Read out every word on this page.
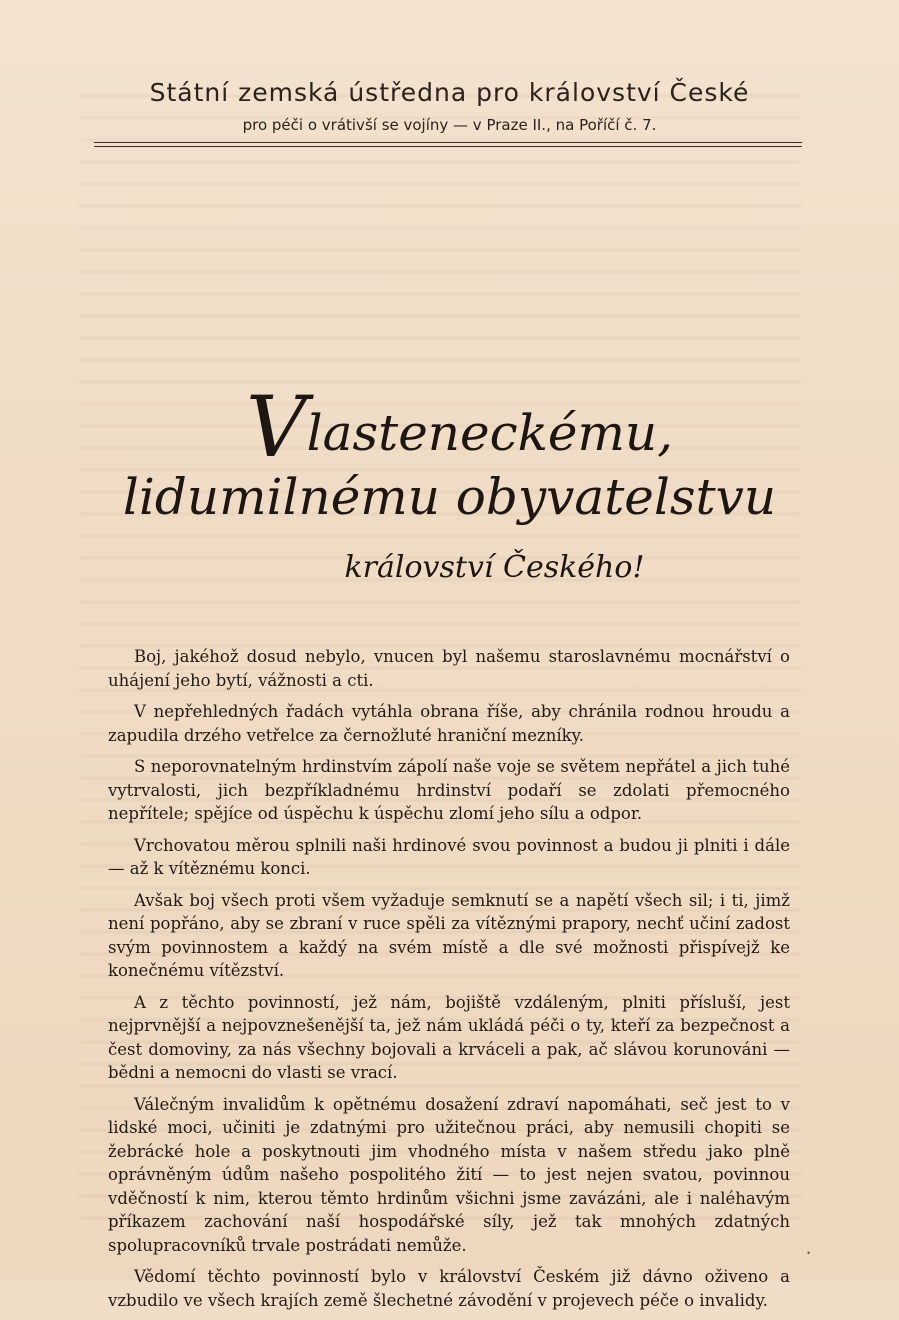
Státní zemská ústředna pro království České
pro péči o vrátivší se vojíny — v Praze II., na Poříčí č. 7.
Vlasteneckému,
lidumilnému obyvatelstvu
království Českého!

Boj, jakéhož dosud nebylo, vnucen byl našemu staroslavnému mocnářství o uhájení jeho bytí, vážnosti a cti.

V nepřehledných řadách vytáhla obrana říše, aby chránila rodnou hroudu a zapudila drzého vetřelce za černožluté hraniční mezníky.

S neporovnatelným hrdinstvím zápolí naše voje se světem nepřátel a jich tuhé vytrvalosti, jich bezpříkladnému hrdinství podaří se zdolati přemocného nepřítele; spějíce od úspěchu k úspěchu zlomí jeho sílu a odpor.

Vrchovatou měrou splnili naši hrdinové svou povinnost a budou ji plniti i dále — až k vítěznému konci.

Avšak boj všech proti všem vyžaduje semknutí se a napětí všech sil; i ti, jimž není popřáno, aby se zbraní v ruce spěli za vítěznými prapory, nechť učiní zadost svým povinnostem a každý na svém místě a dle své možnosti přispívejž ke konečnému vítězství.

A z těchto povinností, jež nám, bojiště vzdáleným, plniti přísluší, jest nejprvnější a nejpovznešenější ta, jež nám ukládá péči o ty, kteří za bezpečnost a čest domoviny, za nás všechny bojovali a krváceli a pak, ač slávou korunováni — bědni a nemocni do vlasti se vrací.

Válečným invalidům k opětnému dosažení zdraví napomáhati, seč jest to v lidské moci, učiniti je zdatnými pro užitečnou práci, aby nemusili chopiti se žebrácké hole a poskytnouti jim vhodného místa v našem středu jako plně oprávněným údům našeho pospolitého žití — to jest nejen svatou, povinnou vděčností k nim, kterou těmto hrdinům všichni jsme zavázáni, ale i naléhavým příkazem zachování naší hospodářské síly, jež tak mnohých zdatných spolupracovníků trvale postrádati nemůže.

Vědomí těchto povinností bylo v království Českém již dávno oživeno a vzbudilo ve všech krajích země šlechetné závodění v projevech péče o invalidy.

•
